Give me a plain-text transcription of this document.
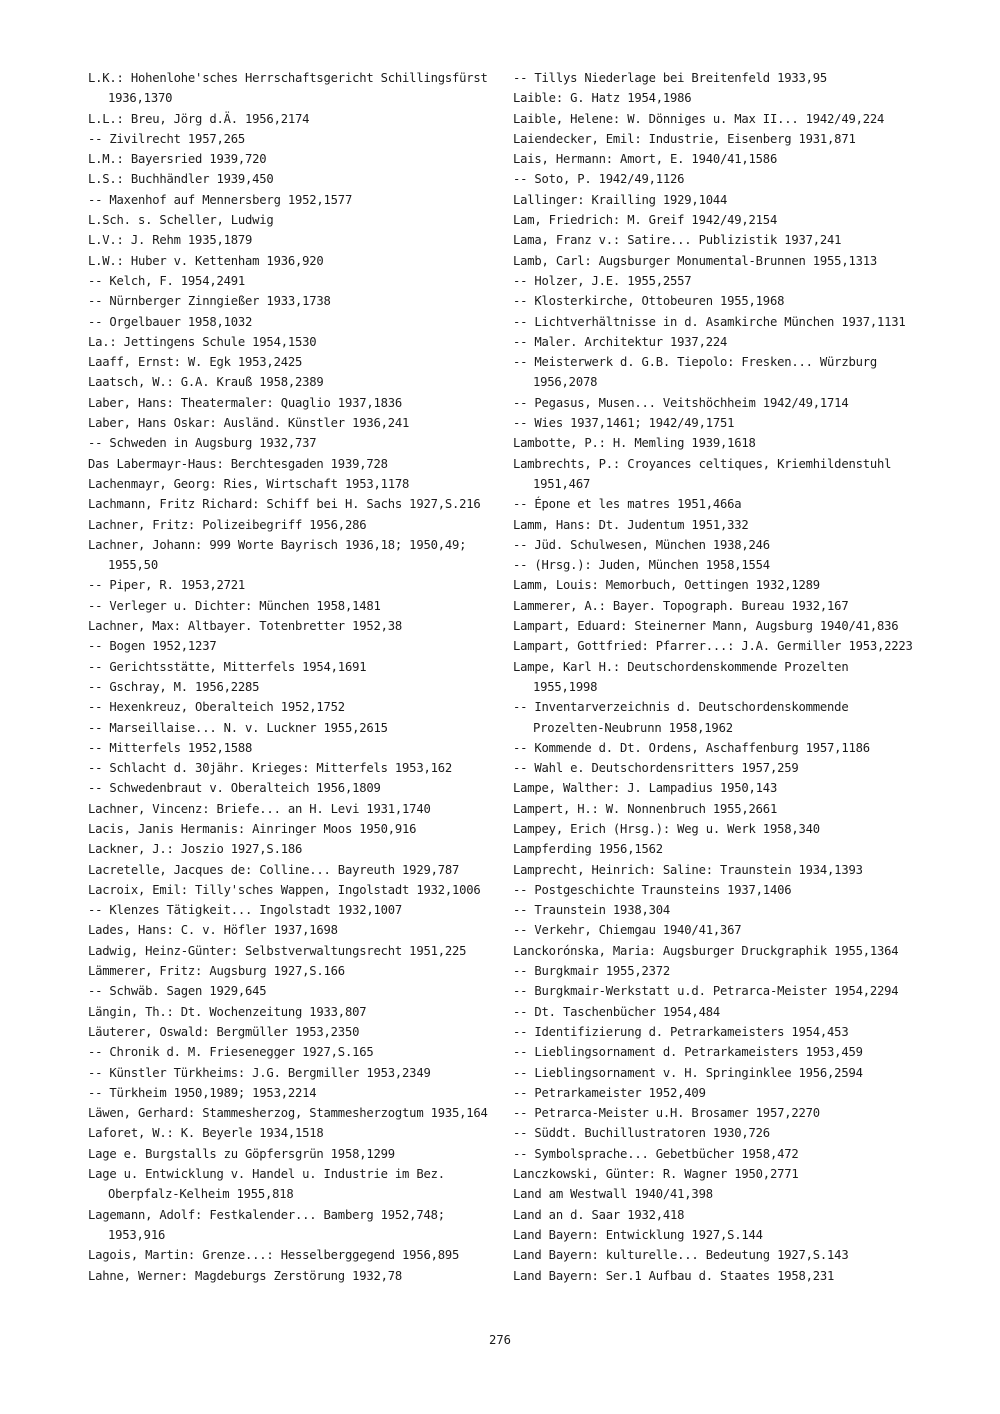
L.K.: Hohenlohe'sches Herrschaftsgericht Schillingsfürst 1936,1370
L.L.: Breu, Jörg d.Ä. 1956,2174
-- Zivilrecht 1957,265
L.M.: Bayersried 1939,720
L.S.: Buchhändler 1939,450
-- Maxenhof auf Mennersberg 1952,1577
L.Sch. s. Scheller, Ludwig
L.V.: J. Rehm 1935,1879
L.W.: Huber v. Kettenham 1936,920
-- Kelch, F. 1954,2491
-- Nürnberger Zinngießer 1933,1738
-- Orgelbauer 1958,1032
La.: Jettingens Schule 1954,1530
Laaff, Ernst: W. Egk 1953,2425
Laatsch, W.: G.A. Krauß 1958,2389
Laber, Hans: Theatermaler: Quaglio 1937,1836
Laber, Hans Oskar: Ausländ. Künstler 1936,241
-- Schweden in Augsburg 1932,737
Das Labermayr-Haus: Berchtesgaden 1939,728
Lachenmayr, Georg: Ries, Wirtschaft 1953,1178
Lachmann, Fritz Richard: Schiff bei H. Sachs 1927,S.216
Lachner, Fritz: Polizeibegriff 1956,286
Lachner, Johann: 999 Worte Bayrisch 1936,18; 1950,49; 1955,50
-- Piper, R. 1953,2721
-- Verleger u. Dichter: München 1958,1481
Lachner, Max: Altbayer. Totenbretter 1952,38
-- Bogen 1952,1237
-- Gerichtsstätte, Mitterfels 1954,1691
-- Gschray, M. 1956,2285
-- Hexenkreuz, Oberalteich 1952,1752
-- Marseillaise... N. v. Luckner 1955,2615
-- Mitterfels 1952,1588
-- Schlacht d. 30jähr. Krieges: Mitterfels 1953,162
-- Schwedenbraut v. Oberalteich 1956,1809
Lachner, Vincenz: Briefe... an H. Levi 1931,1740
Lacis, Janis Hermanis: Ainringer Moos 1950,916
Lackner, J.: Joszio 1927,S.186
Lacretelle, Jacques de: Colline... Bayreuth 1929,787
Lacroix, Emil: Tilly'sches Wappen, Ingolstadt 1932,1006
-- Klenzes Tätigkeit... Ingolstadt 1932,1007
Lades, Hans: C. v. Höfler 1937,1698
Ladwig, Heinz-Günter: Selbstverwaltungsrecht 1951,225
Lämmerer, Fritz: Augsburg 1927,S.166
-- Schwäb. Sagen 1929,645
Längin, Th.: Dt. Wochenzeitung 1933,807
Läuterer, Oswald: Bergmüller 1953,2350
-- Chronik d. M. Friesenegger 1927,S.165
-- Künstler Türkheims: J.G. Bergmiller 1953,2349
-- Türkheim 1950,1989; 1953,2214
Läwen, Gerhard: Stammesherzog, Stammesherzogtum 1935,164
Laforet, W.: K. Beyerle 1934,1518
Lage e. Burgstalls zu Göpfersgrün 1958,1299
Lage u. Entwicklung v. Handel u. Industrie im Bez. Oberpfalz-Kelheim 1955,818
Lagemann, Adolf: Festkalender... Bamberg 1952,748; 1953,916
Lagois, Martin: Grenze...: Hesselberggegend 1956,895
Lahne, Werner: Magdeburgs Zerstörung 1932,78
-- Tillys Niederlage bei Breitenfeld 1933,95
Laible: G. Hatz 1954,1986
Laible, Helene: W. Dönniges u. Max II... 1942/49,224
Laiendecker, Emil: Industrie, Eisenberg 1931,871
Lais, Hermann: Amort, E. 1940/41,1586
-- Soto, P. 1942/49,1126
Lallinger: Krailling 1929,1044
Lam, Friedrich: M. Greif 1942/49,2154
Lama, Franz v.: Satire... Publizistik 1937,241
Lamb, Carl: Augsburger Monumental-Brunnen 1955,1313
-- Holzer, J.E. 1955,2557
-- Klosterkirche, Ottobeuren 1955,1968
-- Lichtverhältnisse in d. Asamkirche München 1937,1131
-- Maler. Architektur 1937,224
-- Meisterwerk d. G.B. Tiepolo: Fresken... Würzburg 1956,2078
-- Pegasus, Musen... Veitshöchheim 1942/49,1714
-- Wies 1937,1461; 1942/49,1751
Lambotte, P.: H. Memling 1939,1618
Lambrechts, P.: Croyances celtiques, Kriemhildenstuhl 1951,467
-- Épone et les matres 1951,466a
Lamm, Hans: Dt. Judentum 1951,332
-- Jüd. Schulwesen, München 1938,246
-- (Hrsg.): Juden, München 1958,1554
Lamm, Louis: Memorbuch, Oettingen 1932,1289
Lammerer, A.: Bayer. Topograph. Bureau 1932,167
Lampart, Eduard: Steinerner Mann, Augsburg 1940/41,836
Lampart, Gottfried: Pfarrer...: J.A. Germiller 1953,2223
Lampe, Karl H.: Deutschordenskommende Prozelten 1955,1998
-- Inventarverzeichnis d. Deutschordenskommende Prozelten-Neubrunn 1958,1962
-- Kommende d. Dt. Ordens, Aschaffenburg 1957,1186
-- Wahl e. Deutschordensritters 1957,259
Lampe, Walther: J. Lampadius 1950,143
Lampert, H.: W. Nonnenbruch 1955,2661
Lampey, Erich (Hrsg.): Weg u. Werk 1958,340
Lampferding 1956,1562
Lamprecht, Heinrich: Saline: Traunstein 1934,1393
-- Postgeschichte Traunsteins 1937,1406
-- Traunstein 1938,304
-- Verkehr, Chiemgau 1940/41,367
Lanckorónska, Maria: Augsburger Druckgraphik 1955,1364
-- Burgkmair 1955,2372
-- Burgkmair-Werkstatt u.d. Petrarca-Meister 1954,2294
-- Dt. Taschenbücher 1954,484
-- Identifizierung d. Petrarkameisters 1954,453
-- Lieblingsornament d. Petrarkameisters 1953,459
-- Lieblingsornament v. H. Springinklee 1956,2594
-- Petrarkameister 1952,409
-- Petrarca-Meister u.H. Brosamer 1957,2270
-- Süddt. Buchillustratoren 1930,726
-- Symbolsprache... Gebetbücher 1958,472
Lanczkowski, Günter: R. Wagner 1950,2771
Land am Westwall 1940/41,398
Land an d. Saar 1932,418
Land Bayern: Entwicklung 1927,S.144
Land Bayern: kulturelle... Bedeutung 1927,S.143
Land Bayern: Ser.1 Aufbau d. Staates 1958,231
276
